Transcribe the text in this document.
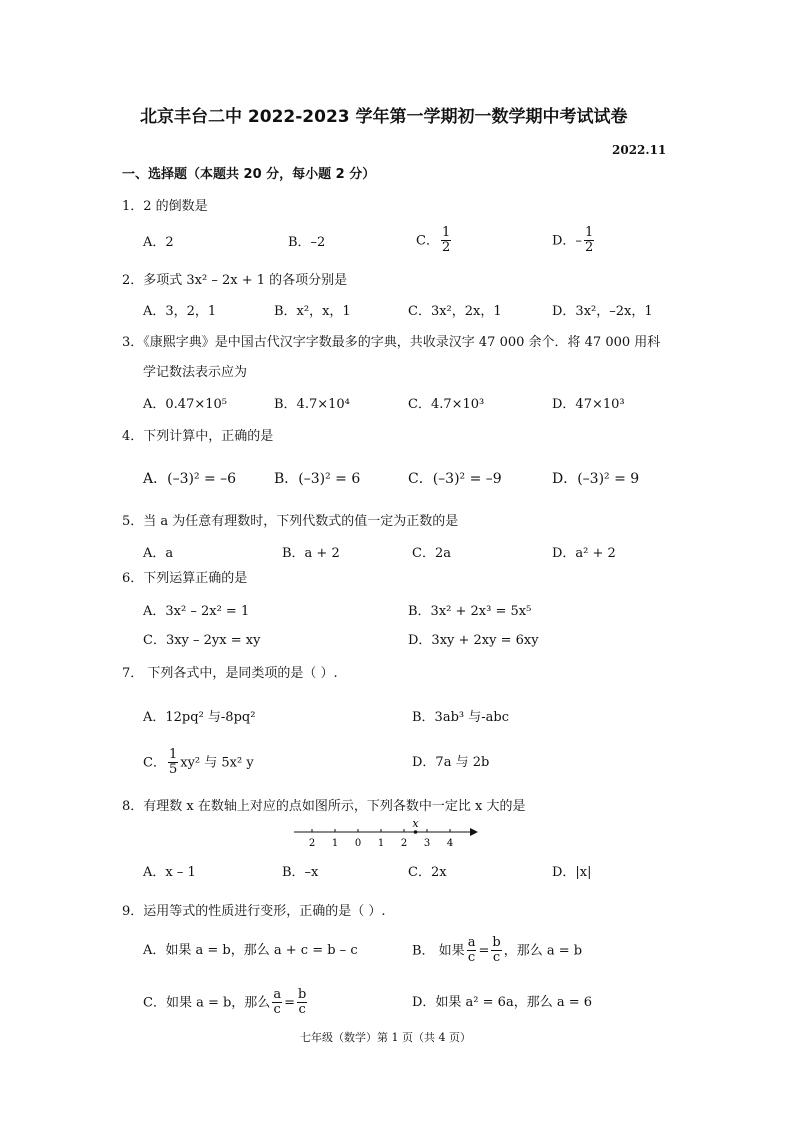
北京丰台二中 2022-2023 学年第一学期初一数学期中考试试卷
2022.11
一、选择题（本题共 20 分，每小题 2 分）
1．2 的倒数是
A．2	B．–2	C． $\frac{1}{2}$	D．– $\frac{1}{2}$
2．多项式 3x² – 2x + 1 的各项分别是
A．3，2，1	B．x²，x，1	C．3x²，2x，1	D．3x²，–2x，1
3．《康熙字典》是中国古代汉字字数最多的字典，共收录汉字 47 000 余个．将 47 000 用科
学记数法表示应为
A．0.47×10⁵	B．4.7×10⁴	C．4.7×10³	D．47×10³
4．下列计算中，正确的是
A．(–3)² = –6	B．(–3)² = 6	C．(–3)² = –9	D．(–3)² = 9
5．当 a 为任意有理数时，下列代数式的值一定为正数的是
A．a	B．a + 2	C．2a	D．a² + 2
6．下列运算正确的是
A．3x² – 2x² = 1	B．3x² + 2x³ = 5x⁵
C．3xy – 2yx = xy	D．3xy + 2xy = 6xy
7． 下列各式中，是同类项的是（ ）.
A．12pq² 与-8pq²	B．3ab³ 与-abc
C． $\frac{1}{5} xy^2$ 与 5x² y	D．7a 与 2b
8．有理数 x 在数轴上对应的点如图所示，下列各数中一定比 x 大的是
2 1 0 1 2 3 4
x
A．x – 1	B．–x	C．2x	D．|x|
9．运用等式的性质进行变形，正确的是（ ）.
A．如果 a = b，那么 a + c = b – c	B． 如果 $\frac{a}{c} = \frac{b}{c}$ ，那么 a = b
C．如果 a = b，那么 $\frac{a}{c} = \frac{b}{c}$	D．如果 a² = 6a，那么 a = 6
七年级（数学）第 1 页（共 4 页）
